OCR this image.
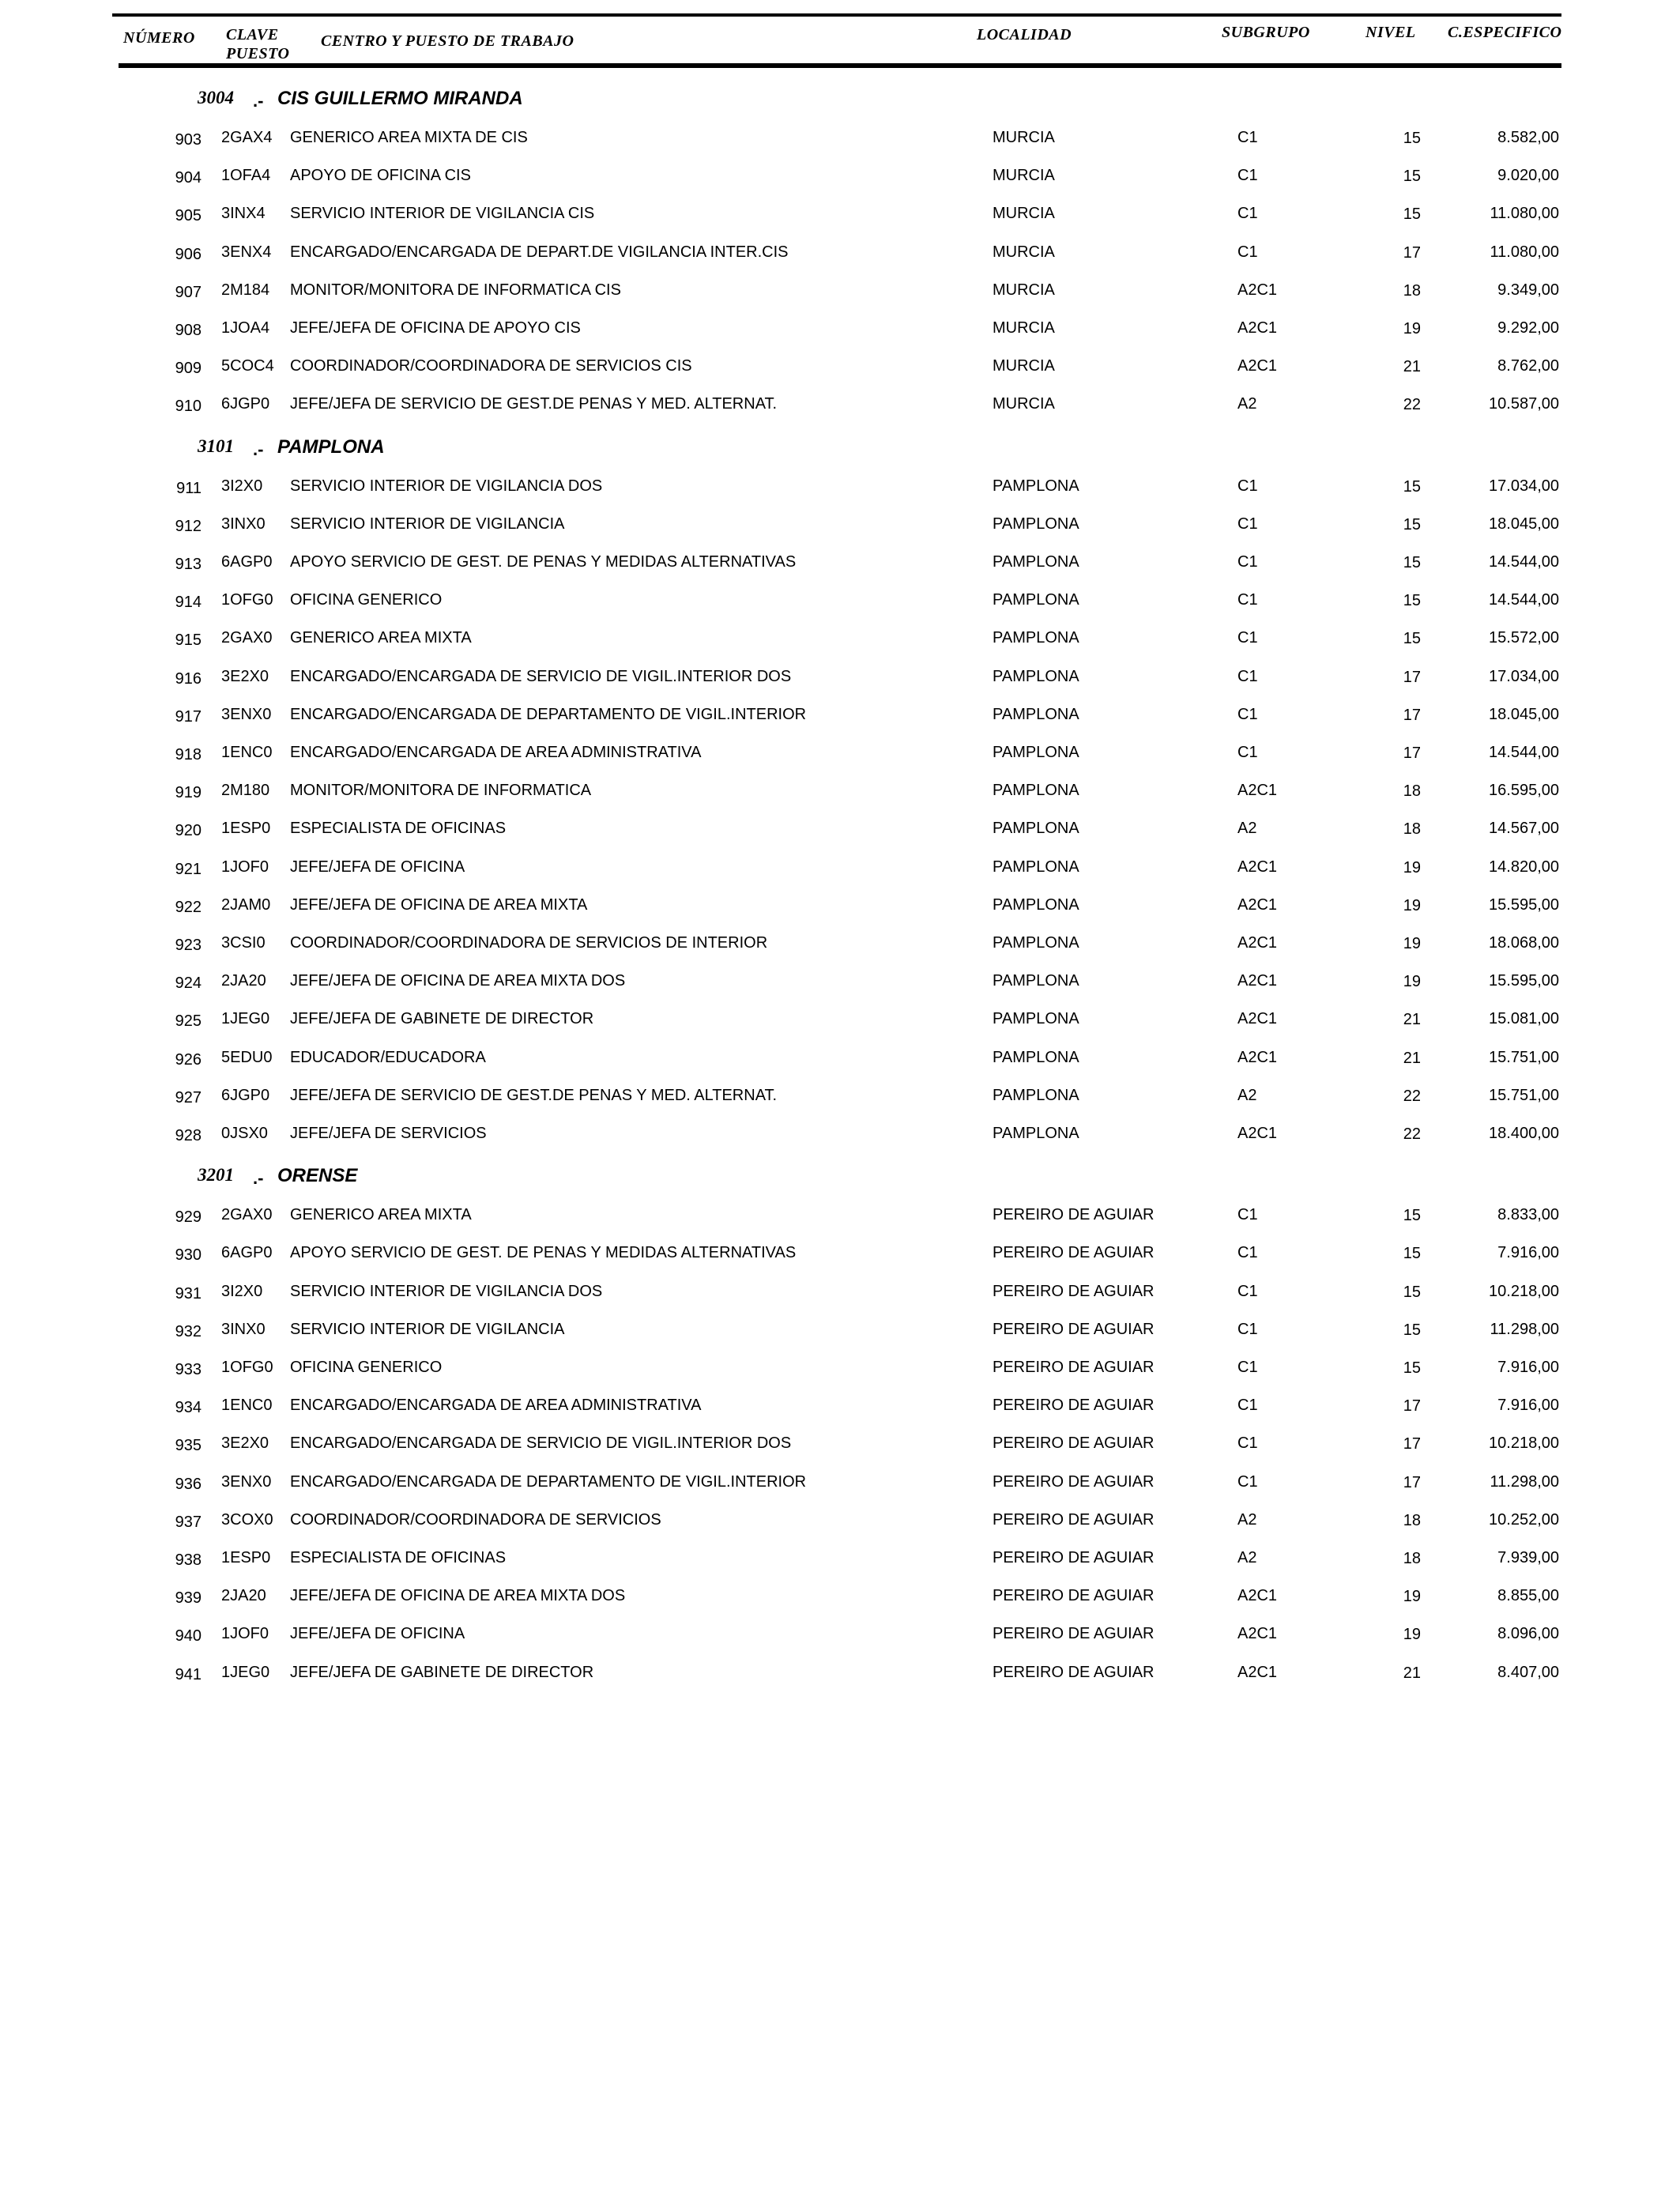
NÚMERO CLAVE
PUESTO
CENTRO Y PUESTO DE TRABAJO	LOCALIDAD	SUBGRUPO	NIVEL C.ESPECIFICO
3004 .- CIS GUILLERMO MIRANDA
903 2GAX4 GENERICO AREA MIXTA DE CIS	MURCIA	C1	15	8.582,00
904 1OFA4 APOYO DE OFICINA CIS	MURCIA	C1	15	9.020,00
905 3INX4 SERVICIO INTERIOR DE VIGILANCIA CIS	MURCIA	C1	15	11.080,00
906 3ENX4 ENCARGADO/ENCARGADA DE DEPART.DE VIGILANCIA INTER.CIS	MURCIA	C1	17	11.080,00
907 2M184 MONITOR/MONITORA DE INFORMATICA CIS	MURCIA	A2C1	18	9.349,00
908 1JOA4 JEFE/JEFA DE OFICINA DE APOYO CIS	MURCIA	A2C1	19	9.292,00
909 5COC4 COORDINADOR/COORDINADORA DE SERVICIOS CIS	MURCIA	A2C1	21	8.762,00
910 6JGP0 JEFE/JEFA DE SERVICIO DE GEST.DE PENAS Y MED. ALTERNAT.	MURCIA	A2	22	10.587,00
3101 .- PAMPLONA
911 3I2X0 SERVICIO INTERIOR DE VIGILANCIA DOS	PAMPLONA	C1	15	17.034,00
912 3INX0 SERVICIO INTERIOR DE VIGILANCIA	PAMPLONA	C1	15	18.045,00
913 6AGP0 APOYO SERVICIO DE GEST. DE PENAS Y MEDIDAS ALTERNATIVAS	PAMPLONA	C1	15	14.544,00
914 1OFG0 OFICINA GENERICO	PAMPLONA	C1	15	14.544,00
915 2GAX0 GENERICO AREA MIXTA	PAMPLONA	C1	15	15.572,00
916 3E2X0 ENCARGADO/ENCARGADA DE SERVICIO DE VIGIL.INTERIOR DOS	PAMPLONA	C1	17	17.034,00
917 3ENX0 ENCARGADO/ENCARGADA DE DEPARTAMENTO DE VIGIL.INTERIOR	PAMPLONA	C1	17	18.045,00
918 1ENC0 ENCARGADO/ENCARGADA DE AREA ADMINISTRATIVA	PAMPLONA	C1	17	14.544,00
919 2M180 MONITOR/MONITORA DE INFORMATICA	PAMPLONA	A2C1	18	16.595,00
920 1ESP0 ESPECIALISTA DE OFICINAS	PAMPLONA	A2	18	14.567,00
921 1JOF0 JEFE/JEFA DE OFICINA	PAMPLONA	A2C1	19	14.820,00
922 2JAM0 JEFE/JEFA DE OFICINA DE AREA MIXTA	PAMPLONA	A2C1	19	15.595,00
923 3CSI0 COORDINADOR/COORDINADORA DE SERVICIOS DE INTERIOR	PAMPLONA	A2C1	19	18.068,00
924 2JA20 JEFE/JEFA DE OFICINA DE AREA MIXTA DOS	PAMPLONA	A2C1	19	15.595,00
925 1JEG0 JEFE/JEFA DE GABINETE DE DIRECTOR	PAMPLONA	A2C1	21	15.081,00
926 5EDU0 EDUCADOR/EDUCADORA	PAMPLONA	A2C1	21	15.751,00
927 6JGP0 JEFE/JEFA DE SERVICIO DE GEST.DE PENAS Y MED. ALTERNAT.	PAMPLONA	A2	22	15.751,00
928 0JSX0 JEFE/JEFA DE SERVICIOS	PAMPLONA	A2C1	22	18.400,00
3201 .- ORENSE
929 2GAX0 GENERICO AREA MIXTA	PEREIRO DE AGUIAR	C1	15	8.833,00
930 6AGP0 APOYO SERVICIO DE GEST. DE PENAS Y MEDIDAS ALTERNATIVAS	PEREIRO DE AGUIAR	C1	15	7.916,00
931 3I2X0 SERVICIO INTERIOR DE VIGILANCIA DOS	PEREIRO DE AGUIAR	C1	15	10.218,00
932 3INX0 SERVICIO INTERIOR DE VIGILANCIA	PEREIRO DE AGUIAR	C1	15	11.298,00
933 1OFG0 OFICINA GENERICO	PEREIRO DE AGUIAR	C1	15	7.916,00
934 1ENC0 ENCARGADO/ENCARGADA DE AREA ADMINISTRATIVA	PEREIRO DE AGUIAR	C1	17	7.916,00
935 3E2X0 ENCARGADO/ENCARGADA DE SERVICIO DE VIGIL.INTERIOR DOS	PEREIRO DE AGUIAR	C1	17	10.218,00
936 3ENX0 ENCARGADO/ENCARGADA DE DEPARTAMENTO DE VIGIL.INTERIOR	PEREIRO DE AGUIAR	C1	17	11.298,00
937 3COX0 COORDINADOR/COORDINADORA DE SERVICIOS	PEREIRO DE AGUIAR	A2	18	10.252,00
938 1ESP0 ESPECIALISTA DE OFICINAS	PEREIRO DE AGUIAR	A2	18	7.939,00
939 2JA20 JEFE/JEFA DE OFICINA DE AREA MIXTA DOS	PEREIRO DE AGUIAR	A2C1	19	8.855,00
940 1JOF0 JEFE/JEFA DE OFICINA	PEREIRO DE AGUIAR	A2C1	19	8.096,00
941 1JEG0 JEFE/JEFA DE GABINETE DE DIRECTOR	PEREIRO DE AGUIAR	A2C1	21	8.407,00
